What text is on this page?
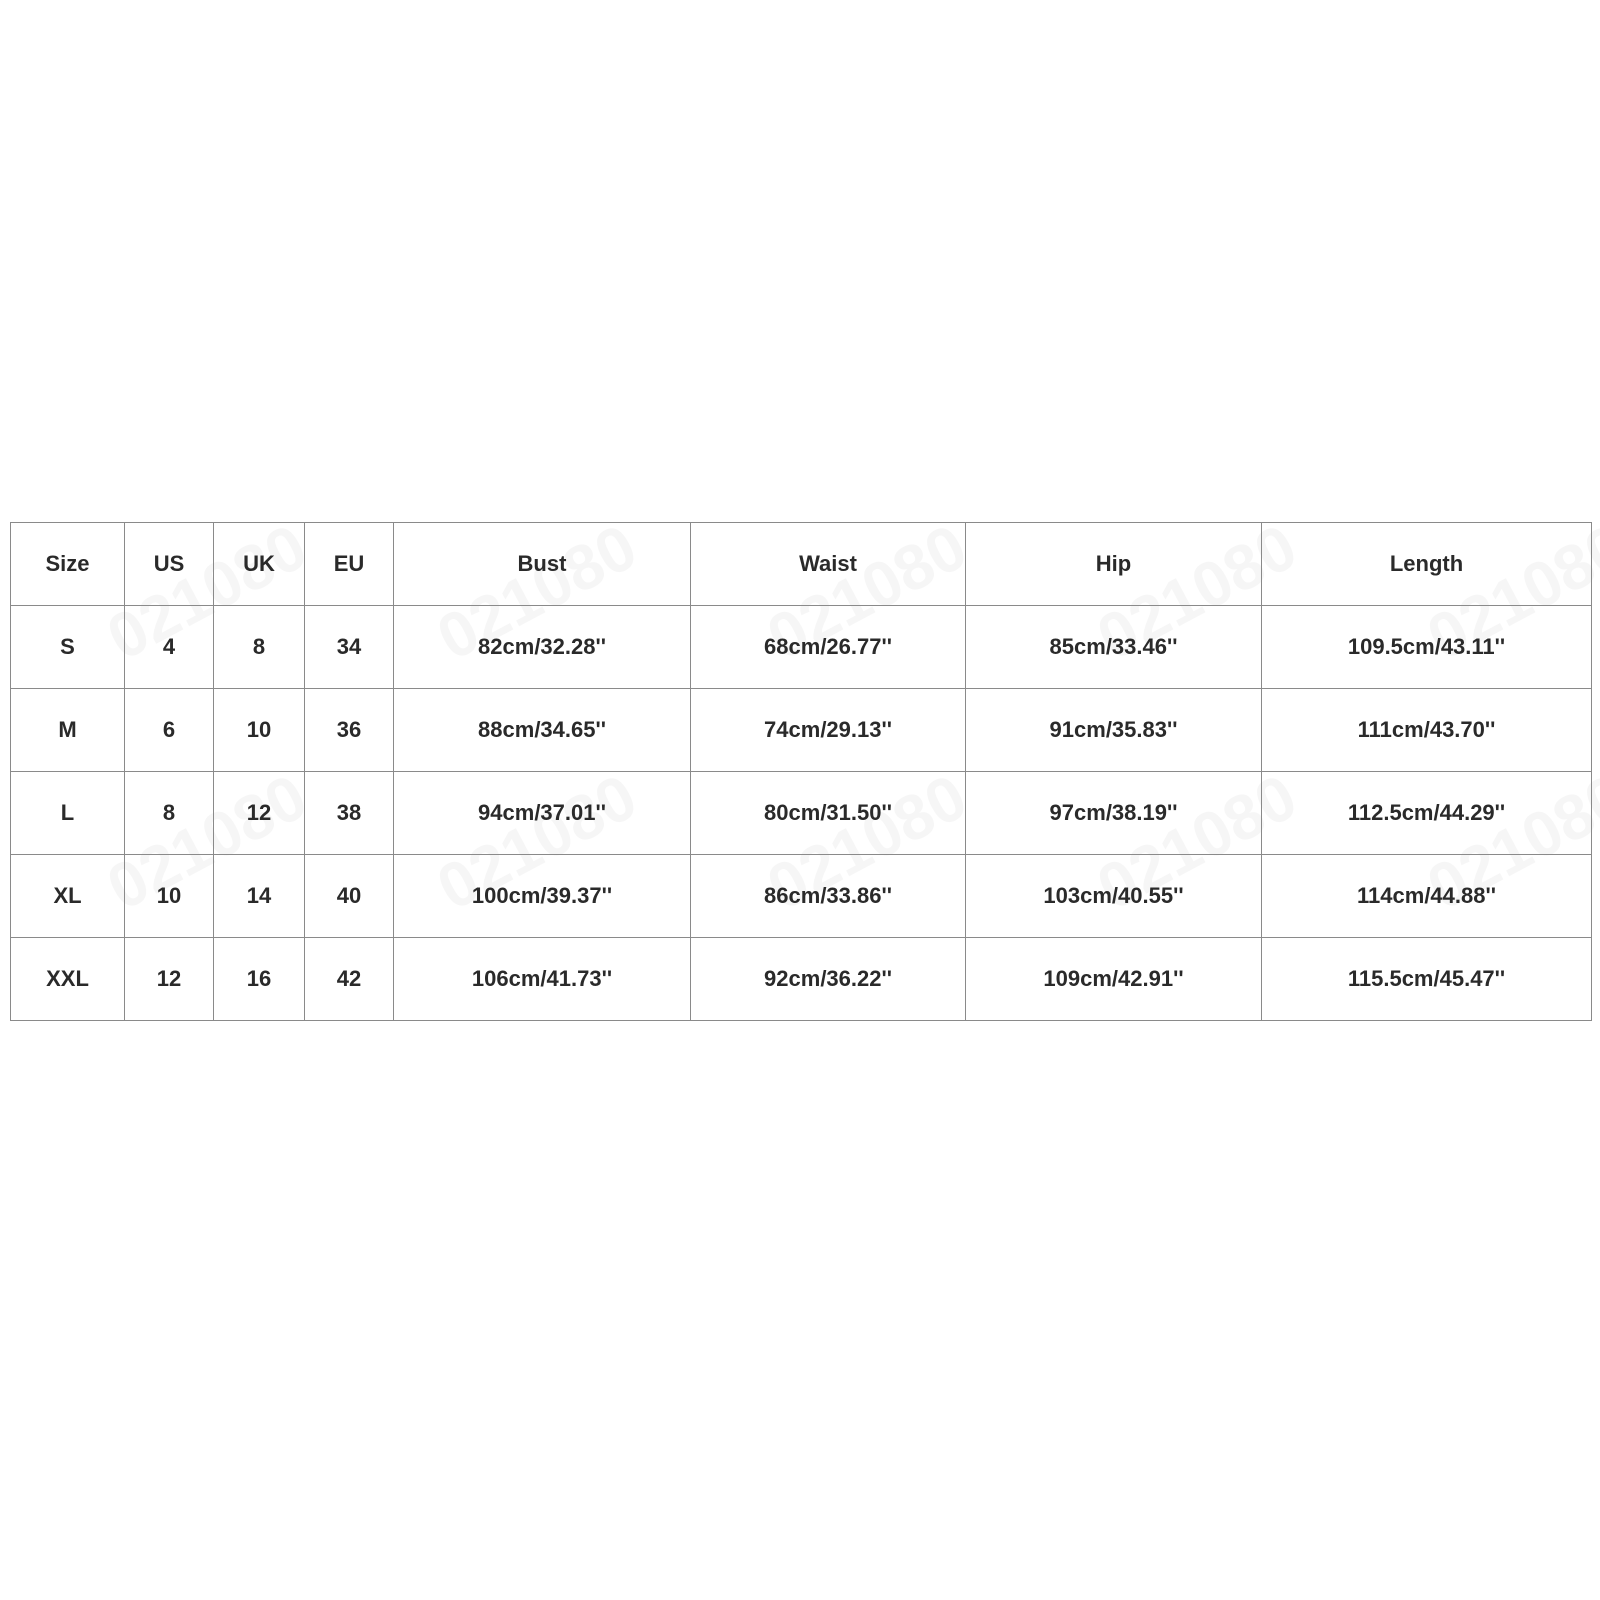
Size	US	UK	EU	Bust	Waist	Hip	Length
S	4	8	34	82cm/32.28''	68cm/26.77''	85cm/33.46''	109.5cm/43.11''
M	6	10	36	88cm/34.65''	74cm/29.13''	91cm/35.83''	111cm/43.70''
L	8	12	38	94cm/37.01''	80cm/31.50''	97cm/38.19''	112.5cm/44.29''
XL	10	14	40	100cm/39.37''	86cm/33.86''	103cm/40.55''	114cm/44.88''
XXL	12	16	42	106cm/41.73''	92cm/36.22''	109cm/42.91''	115.5cm/45.47''
